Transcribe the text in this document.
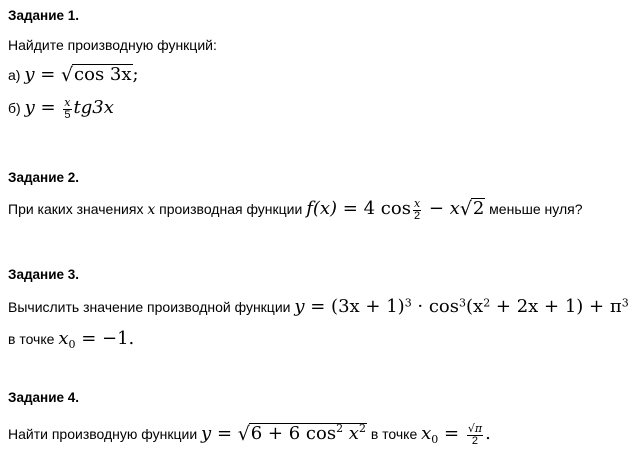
Задание 1.
Найдите производную функций:
а) y = √ cos 3x;
б) $y = \frac{x}{5} tg3x$
Задание 2.
При каких значениях x производная функции f(x) = 4 $\cos \frac{x}{2} - x$ √ 2 меньше нуля?
Задание 3.
Вычислить значение производной функции $y = (3x + 1)^3 \cdot \cos^3(x^2 + 2x + 1) + \pi^3$
в точке $x_0 = -1$.
Задание 4.
Найти производную функции y = √ 6 + 6 $\cos^2 x^2$ в точке $x_0 = \frac{√\pi}{2}$ .
